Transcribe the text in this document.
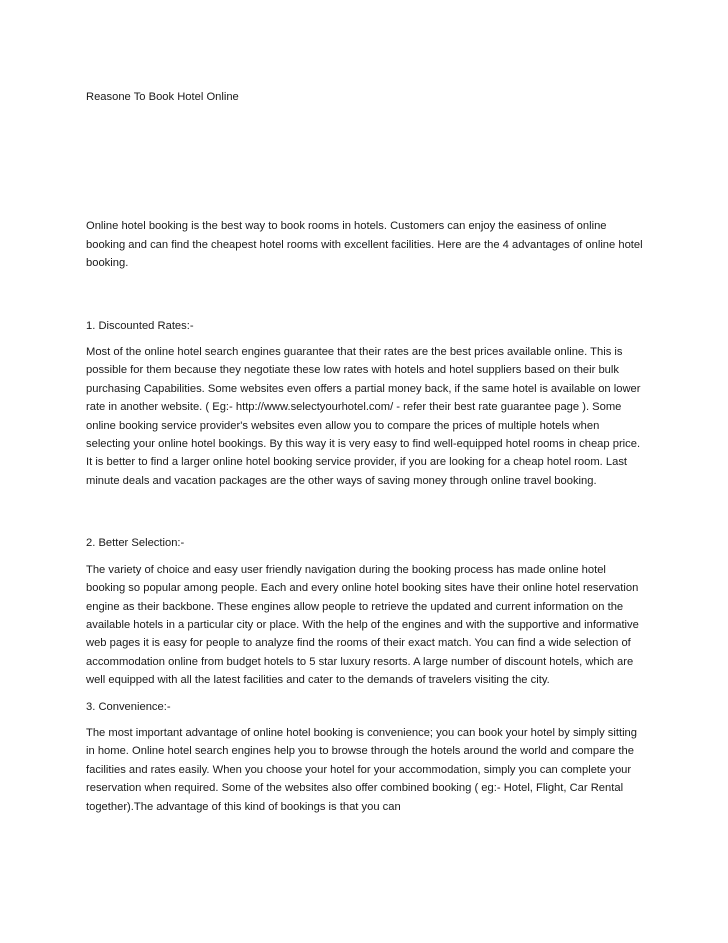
Reasone To Book Hotel Online

Online hotel booking is the best way to book rooms in hotels. Customers can enjoy the easiness of online booking and can find the cheapest hotel rooms with excellent facilities. Here are the 4 advantages of online hotel booking.

1. Discounted Rates:-

Most of the online hotel search engines guarantee that their rates are the best prices available online. This is possible for them because they negotiate these low rates with hotels and hotel suppliers based on their bulk purchasing Capabilities. Some websites even offers a partial money back, if the same hotel is available on lower rate in another website. ( Eg:- http://www.selectyourhotel.com/ - refer their best rate guarantee page ). Some online booking service provider's websites even allow you to compare the prices of multiple hotels when selecting your online hotel bookings. By this way it is very easy to find well-equipped hotel rooms in cheap price. It is better to find a larger online hotel booking service provider, if you are looking for a cheap hotel room. Last minute deals and vacation packages are the other ways of saving money through online travel booking.

2. Better Selection:-

The variety of choice and easy user friendly navigation during the booking process has made online hotel booking so popular among people. Each and every online hotel booking sites have their online hotel reservation engine as their backbone. These engines allow people to retrieve the updated and current information on the available hotels in a particular city or place. With the help of the engines and with the supportive and informative web pages it is easy for people to analyze find the rooms of their exact match. You can find a wide selection of accommodation online from budget hotels to 5 star luxury resorts. A large number of discount hotels, which are well equipped with all the latest facilities and cater to the demands of travelers visiting the city.

3. Convenience:-

The most important advantage of online hotel booking is convenience; you can book your hotel by simply sitting in home. Online hotel search engines help you to browse through the hotels around the world and compare the facilities and rates easily. When you choose your hotel for your accommodation, simply you can complete your reservation when required. Some of the websites also offer combined booking ( eg:- Hotel, Flight, Car Rental together).The advantage of this kind of bookings is that you can
